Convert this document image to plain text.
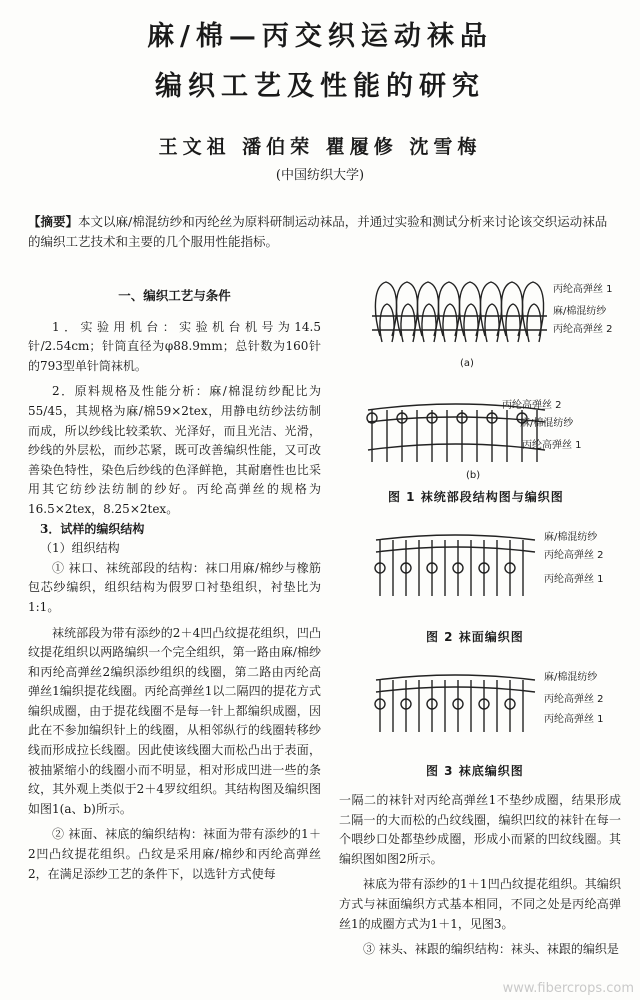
麻/棉—丙交织运动袜品
编织工艺及性能的研究
王文祖 潘伯荣 瞿履修 沈雪梅
(中国纺织大学)
【摘要】本文以麻/棉混纺纱和丙纶丝为原料研制运动袜品，并通过实验和测试分析来讨论该交织运动袜品的编织工艺技术和主要的几个服用性能指标。

一、编织工艺与条件

1．实验用机台：实验机台机号为14.5针/2.54cm；针筒直径为φ88.9mm；总针数为160针的793型单针筒袜机。

2．原料规格及性能分析：麻/棉混纺纱配比为55/45，其规格为麻/棉59×2tex，用静电纺纱法纺制而成，所以纱线比较柔软、光泽好，而且光洁、光滑，纱线的外层松，而纱芯紧，既可改善编织性能，又可改善染色特性，染色后纱线的色泽鲜艳，其耐磨性也比采用其它纺纱法纺制的纱好。丙纶高弹丝的规格为16.5×2tex，8.25×2tex。

3．试样的编织结构

（1）组织结构

① 袜口、袜统部段的结构：袜口用麻/棉纱与橡筋包芯纱编织，组织结构为假罗口衬垫组织，衬垫比为1:1。

袜统部段为带有添纱的2＋4凹凸纹提花组织，凹凸纹提花组织以两路编织一个完全组织，第一路由麻/棉纱和丙纶高弹丝2编织添纱组织的线圈，第二路由丙纶高弹丝1编织提花线圈。丙纶高弹丝1以二隔四的提花方式编织成圈，由于提花线圈不是每一针上都编织成圈，因此在不参加编织针上的线圈，从相邻纵行的线圈转移纱线而形成拉长线圈。因此使该线圈大而松凸出于表面，被抽紧缩小的线圈小而不明显，相对形成凹进一些的条纹，其外观上类似于2＋4罗纹组织。其结构图及编织图如图1(a、b)所示。

② 袜面、袜底的编织结构：袜面为带有添纱的1＋2凹凸纹提花组织。凸纹是采用麻/棉纱和丙纶高弹丝2，在满足添纱工艺的条件下，以选针方式使每

丙纶高弹丝 1
麻/棉混纺纱
丙纶高弹丝 2
(a)
丙纶高弹丝 2
麻/棉混纺纱
丙纶高弹丝 1
(b)
图 1 袜统部段结构图与编织图
麻/棉混纺纱
丙纶高弹丝 2
丙纶高弹丝 1
图 2 袜面编织图
麻/棉混纺纱
丙纶高弹丝 2
丙纶高弹丝 1
图 3 袜底编织图

一隔二的袜针对丙纶高弹丝1不垫纱成圈，结果形成二隔一的大而松的凸纹线圈，编织凹纹的袜针在每一个喂纱口处都垫纱成圈，形成小而紧的凹纹线圈。其编织图如图2所示。

袜底为带有添纱的1＋1凹凸纹提花组织。其编织方式与袜面编织方式基本相同，不同之处是丙纶高弹丝1的成圈方式为1＋1，见图3。

③ 袜头、袜跟的编织结构：袜头、袜跟的编织是

www.fibercrops.com
